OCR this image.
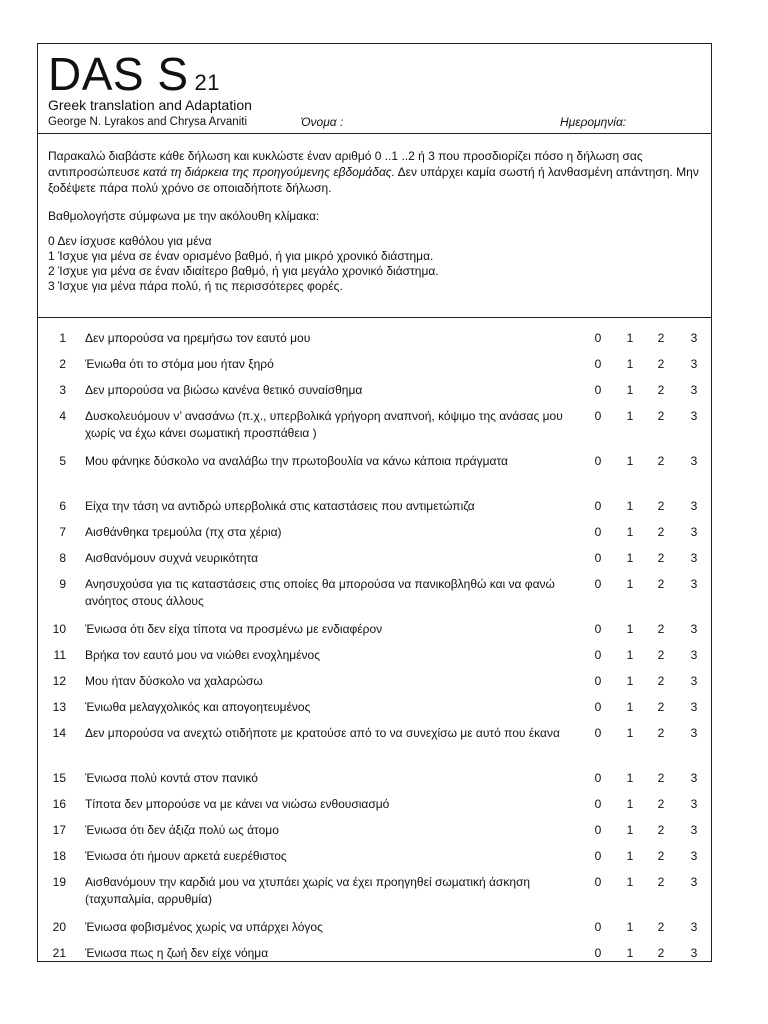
DAS S 21
Greek translation and Adaptation
George N. Lyrakos and Chrysa Arvaniti	Όνομα :	Ημερομηνία:

Παρακαλώ διαβάστε κάθε δήλωση και κυκλώστε έναν αριθμό 0 ..1 ..2 ή 3 που προσδιορίζει πόσο η δήλωση σας αντιπροσώπευσε κατά τη διάρκεια της προηγούμενης εβδομάδας. Δεν υπάρχει καμία σωστή ή λανθασμένη απάντηση. Μην ξοδέψετε πάρα πολύ χρόνο σε οποιαδήποτε δήλωση.

Βαθμολογήστε σύμφωνα με την ακόλουθη κλίμακα:

0 Δεν ίσχυσε καθόλου για μένα
1 Ίσχυε για μένα σε έναν ορισμένο βαθμό, ή για μικρό χρονικό διάστημα.
2 Ίσχυε για μένα σε έναν ιδιαίτερο βαθμό, ή για μεγάλο χρονικό διάστημα.
3 Ίσχυε για μένα πάρα πολύ, ή τις περισσότερες φορές.
1 Δεν μπορούσα να ηρεμήσω τον εαυτό μου	0 1 2 3
2 Ένιωθα ότι το στόμα μου ήταν ξηρό	0 1 2 3
3 Δεν μπορούσα να βιώσω κανένα θετικό συναίσθημα	0 1 2 3
4 Δυσκολευόμουν ν’ ανασάνω (π.χ., υπερβολικά γρήγορη αναπνοή, κόψιμο της ανάσας μου χωρίς να έχω κάνει σωματική προσπάθεια )
0 1 2 3
5 Μου φάνηκε δύσκολο να αναλάβω την πρωτοβουλία να κάνω κάποια πράγματα	0 1 2 3
6 Είχα την τάση να αντιδρώ υπερβολικά στις καταστάσεις που αντιμετώπιζα	0 1 2 3
7 Αισθάνθηκα τρεμούλα (πχ στα χέρια)	0 1 2 3
8 Αισθανόμουν συχνά νευρικότητα	0 1 2 3
9 Ανησυχούσα για τις καταστάσεις στις οποίες θα μπορούσα να πανικοβληθώ και να φανώ ανόητος στους άλλους
0 1 2 3
10 Ένιωσα ότι δεν είχα τίποτα να προσμένω με ενδιαφέρον	0 1 2 3
11 Βρήκα τον εαυτό μου να νιώθει ενοχλημένος	0 1 2 3
12 Μου ήταν δύσκολο να χαλαρώσω	0 1 2 3
13 Ένιωθα μελαγχολικός και απογοητευμένος	0 1 2 3
14 Δεν μπορούσα να ανεχτώ οτιδήποτε με κρατούσε από το να συνεχίσω με αυτό που έκανα	0 1 2 3
15 Ένιωσα πολύ κοντά στον πανικό	0 1 2 3
16 Τίποτα δεν μπορούσε να με κάνει να νιώσω ενθουσιασμό	0 1 2 3
17 Ένιωσα ότι δεν άξιζα πολύ ως άτομο	0 1 2 3
18 Ένιωσα ότι ήμουν αρκετά ευερέθιστος	0 1 2 3
19 Αισθανόμουν την καρδιά μου να χτυπάει χωρίς να έχει προηγηθεί σωματική άσκηση (ταχυπαλμία, αρρυθμία)
0 1 2 3
20 Ένιωσα φοβισμένος χωρίς να υπάρχει λόγος	0 1 2 3
21 Ένιωσα πως η ζωή δεν είχε νόημα	0 1 2 3
